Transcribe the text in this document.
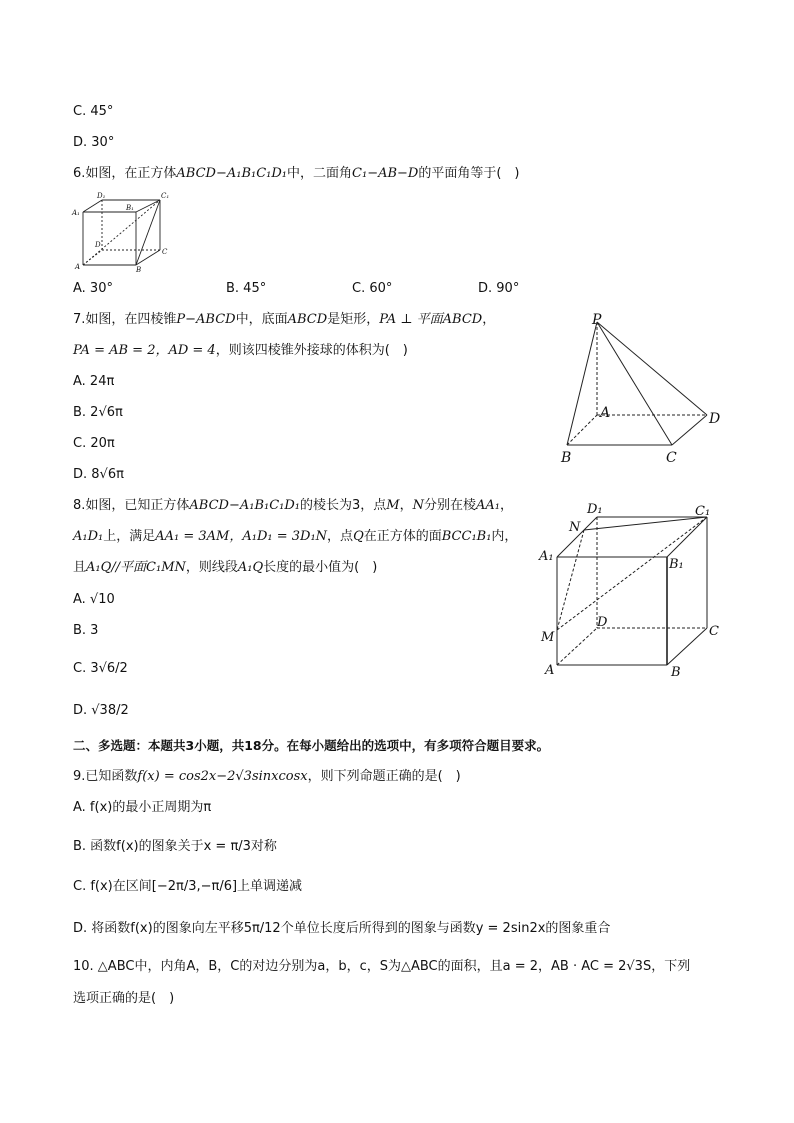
C. 45°
D. 30°
6.如图，在正方体ABCD−A₁B₁C₁D₁中，二面角C₁−AB−D的平面角等于(　)
D₁
B₁
C₁
A₁
D
C
A	B
A. 30°	B. 45°	C. 60°	D. 90°
7.如图，在四棱锥P−ABCD中，底面ABCD是矩形，PA ⊥ 平面ABCD，
PA = AB = 2，AD = 4，则该四棱锥外接球的体积为(　)
A. 24π
B. 2√6π
C. 20π
D. 8√6π
P
A	D
B	C
8.如图，已知正方体ABCD−A₁B₁C₁D₁的棱长为3，点M，N分别在棱AA₁，
A₁D₁上，满足AA₁ = 3AM，A₁D₁ = 3D₁N，点Q在正方体的面BCC₁B₁内，
且A₁Q//平面C₁MN，则线段A₁Q长度的最小值为(　)
A. √10
B. 3
C. 3√6/2
D. √38/2
D₁	C₁
N
A₁
B₁
D
C
M
A	B
二、多选题：本题共3小题，共18分。在每小题给出的选项中，有多项符合题目要求。
9.已知函数f(x) = cos2x−2√3sinxcosx，则下列命题正确的是(　)
A. f(x)的最小正周期为π
B. 函数f(x)的图象关于x = π/3对称
C. f(x)在区间[−2π/3,−π/6]上单调递减
D. 将函数f(x)的图象向左平移5π/12个单位长度后所得到的图象与函数y = 2sin2x的图象重合
10. △ABC中，内角A，B，C的对边分别为a，b，c，S为△ABC的面积，且a = 2，AB · AC = 2√3S，下列
选项正确的是(　)
